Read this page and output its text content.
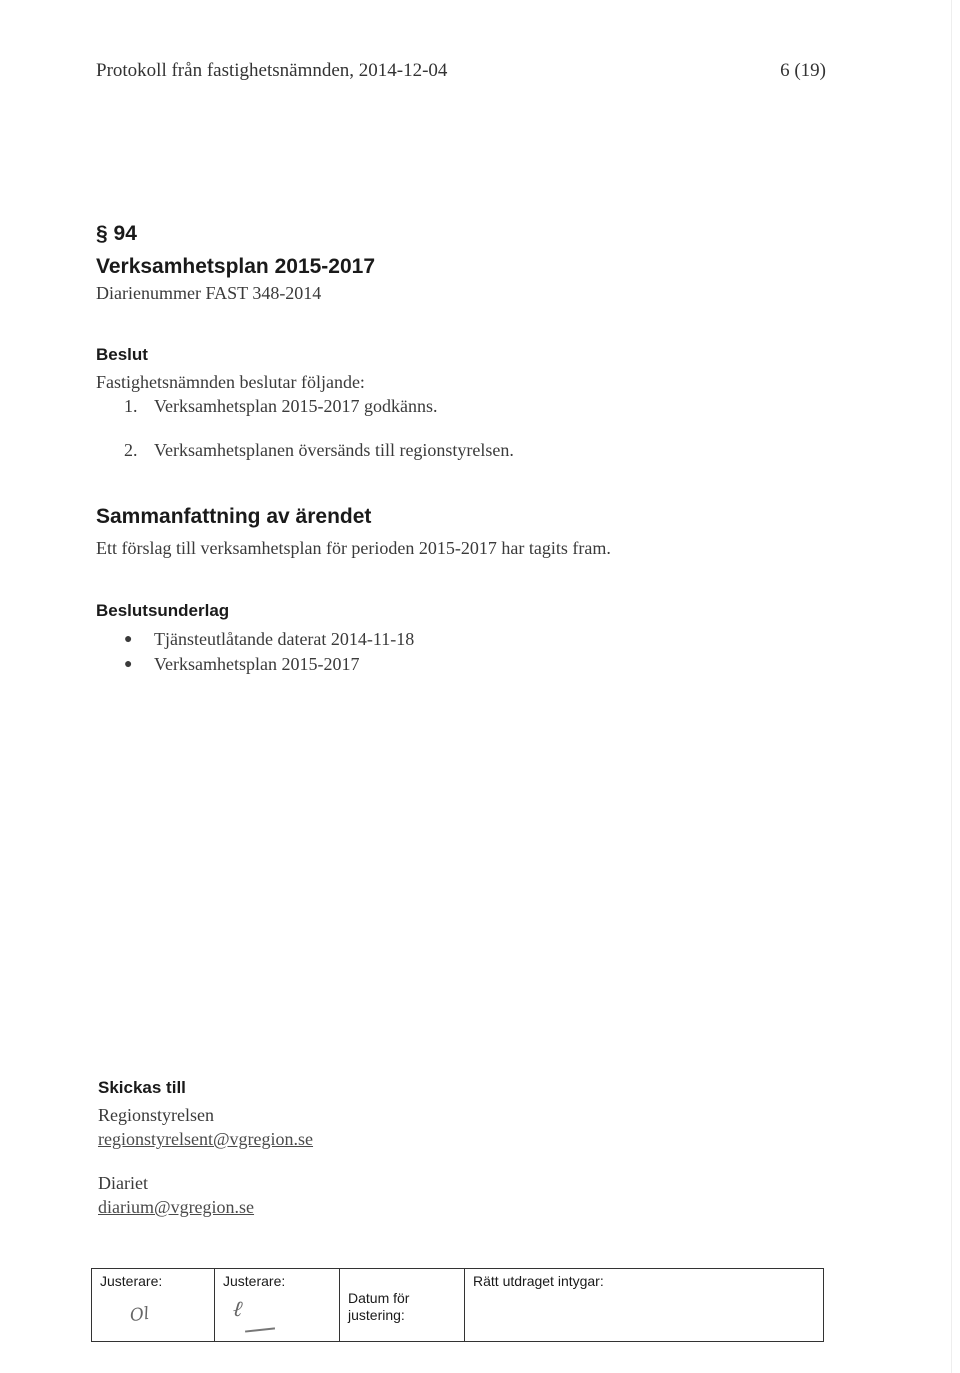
Protokoll från fastighetsnämnden, 2014-12-04	6 (19)
§ 94
Verksamhetsplan 2015-2017
Diarienummer FAST 348-2014
Beslut
Fastighetsnämnden beslutar följande:
1. Verksamhetsplan 2015-2017 godkänns.
2. Verksamhetsplanen översänds till regionstyrelsen.
Sammanfattning av ärendet
Ett förslag till verksamhetsplan för perioden 2015-2017 har tagits fram.
Beslutsunderlag
● Tjänsteutlåtande daterat 2014-11-18
● Verksamhetsplan 2015-2017
Skickas till
Regionstyrelsen
regionstyrelsent@vgregion.se
Diariet
diarium@vgregion.se
Justerare:
Ol
Justerare:
ℓ	Datum för
justering:

Rätt utdraget intygar:
